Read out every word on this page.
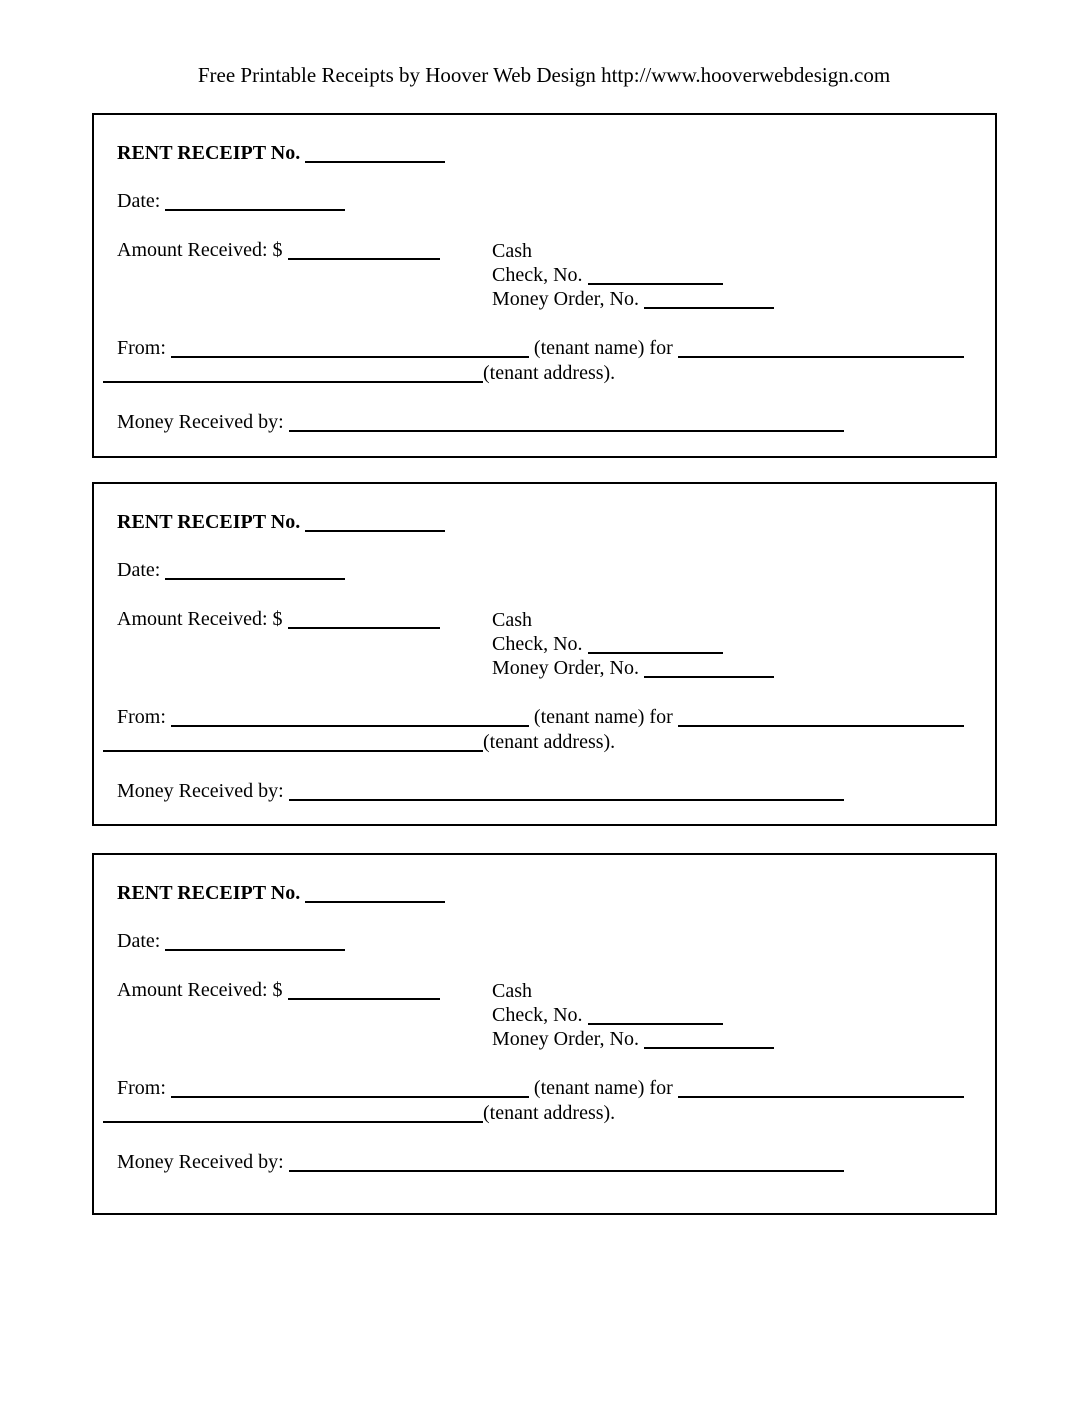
Free Printable Receipts by Hoover Web Design http://www.hooverwebdesign.com
RENT RECEIPT No.
Date:
Amount Received: $	Cash
Check, No.
Money Order, No.
From:	(tenant name) for
(tenant address).
Money Received by:
RENT RECEIPT No.
Date:
Amount Received: $	Cash
Check, No.
Money Order, No.
From:	(tenant name) for
(tenant address).
Money Received by:
RENT RECEIPT No.
Date:
Amount Received: $	Cash
Check, No.
Money Order, No.
From:	(tenant name) for
(tenant address).
Money Received by:
